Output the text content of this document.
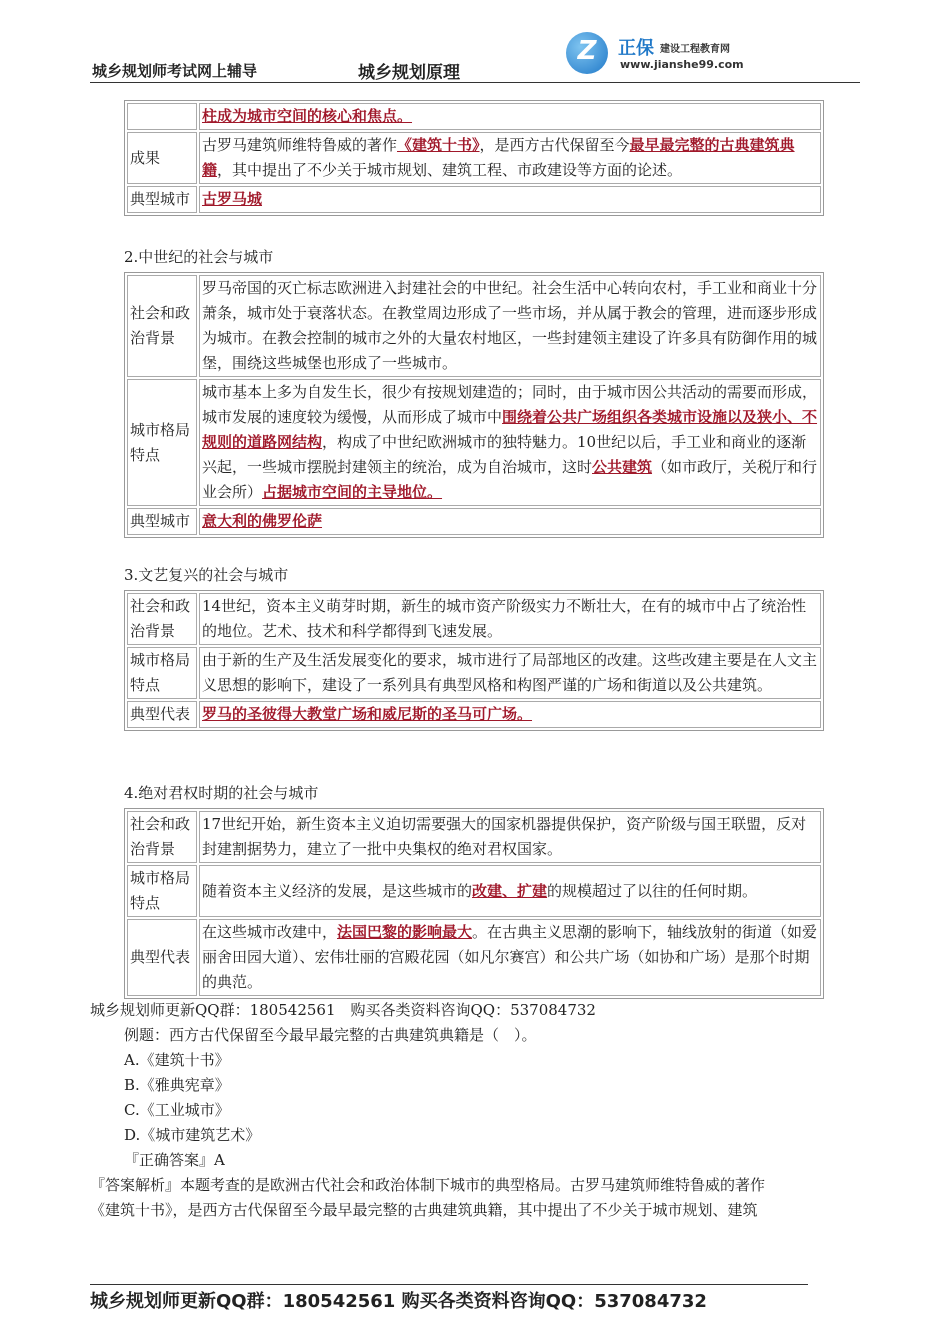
城乡规划师考试网上辅导	城乡规划原理
Z	正保 建设工程教育网
www.jianshe99.com
	柱成为城市空间的核心和焦点。
成果	古罗马建筑师维特鲁威的著作《建筑十书》，是西方古代保留至今最早最完整的古典建筑典籍，其中提出了不少关于城市规划、建筑工程、市政建设等方面的论述。
典型城市	古罗马城
2.中世纪的社会与城市
社会和政治背景	罗马帝国的灭亡标志欧洲进入封建社会的中世纪。社会生活中心转向农村，手工业和商业十分萧条，城市处于衰落状态。在教堂周边形成了一些市场，并从属于教会的管理，进而逐步形成为城市。在教会控制的城市之外的大量农村地区，一些封建领主建设了许多具有防御作用的城堡，围绕这些城堡也形成了一些城市。
城市格局特点	城市基本上多为自发生长，很少有按规划建造的；同时，由于城市因公共活动的需要而形成，城市发展的速度较为缓慢，从而形成了城市中围绕着公共广场组织各类城市设施以及狭小、不规则的道路网结构，构成了中世纪欧洲城市的独特魅力。10世纪以后，手工业和商业的逐渐兴起，一些城市摆脱封建领主的统治，成为自治城市，这时公共建筑（如市政厅，关税厅和行业会所）占据城市空间的主导地位。
典型城市	意大利的佛罗伦萨
3.文艺复兴的社会与城市
社会和政治背景	14世纪，资本主义萌芽时期，新生的城市资产阶级实力不断壮大，在有的城市中占了统治性的地位。艺术、技术和科学都得到飞速发展。
城市格局特点	由于新的生产及生活发展变化的要求，城市进行了局部地区的改建。这些改建主要是在人文主义思想的影响下，建设了一系列具有典型风格和构图严谨的广场和街道以及公共建筑。
典型代表	罗马的圣彼得大教堂广场和威尼斯的圣马可广场。
4.绝对君权时期的社会与城市
社会和政治背景	17世纪开始，新生资本主义迫切需要强大的国家机器提供保护，资产阶级与国王联盟，反对封建割据势力，建立了一批中央集权的绝对君权国家。
城市格局特点	随着资本主义经济的发展，是这些城市的改建、扩建的规模超过了以往的任何时期。
典型代表	在这些城市改建中，法国巴黎的影响最大。在古典主义思潮的影响下，轴线放射的街道（如爱丽舍田园大道）、宏伟壮丽的宫殿花园（如凡尔赛宫）和公共广场（如协和广场）是那个时期的典范。
城乡规划师更新QQ群：180542561　购买各类资料咨询QQ：537084732
例题：西方古代保留至今最早最完整的古典建筑典籍是（　）。
A.《建筑十书》
B.《雅典宪章》
C.《工业城市》
D.《城市建筑艺术》
『正确答案』A
『答案解析』本题考查的是欧洲古代社会和政治体制下城市的典型格局。古罗马建筑师维特鲁威的著作
《建筑十书》，是西方古代保留至今最早最完整的古典建筑典籍，其中提出了不少关于城市规划、建筑
城乡规划师更新QQ群：180542561 购买各类资料咨询QQ：537084732
